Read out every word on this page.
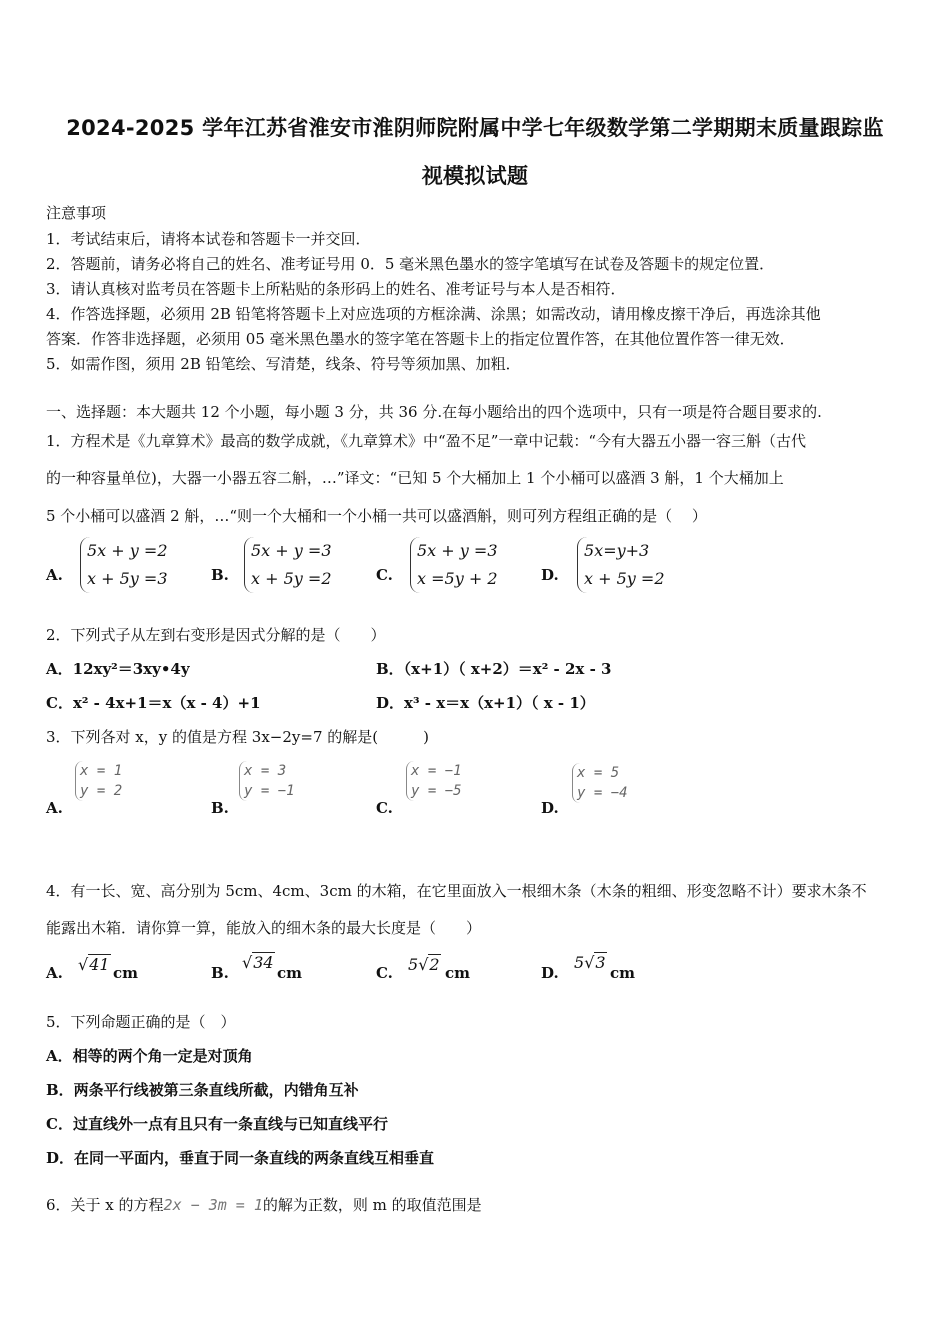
2024-2025 学年江苏省淮安市淮阴师院附属中学七年级数学第二学期期末质量跟踪监
视模拟试题
注意事项
1．考试结束后，请将本试卷和答题卡一并交回．
2．答题前，请务必将自己的姓名、准考证号用 0．5 毫米黑色墨水的签字笔填写在试卷及答题卡的规定位置．
3．请认真核对监考员在答题卡上所粘贴的条形码上的姓名、准考证号与本人是否相符．
4．作答选择题，必须用 2B 铅笔将答题卡上对应选项的方框涂满、涂黑；如需改动，请用橡皮擦干净后，再选涂其他
答案．作答非选择题，必须用 05 毫米黑色墨水的签字笔在答题卡上的指定位置作答，在其他位置作答一律无效．
5．如需作图，须用 2B 铅笔绘、写清楚，线条、符号等须加黑、加粗．
一、选择题：本大题共 12 个小题，每小题 3 分，共 36 分.在每小题给出的四个选项中，只有一项是符合题目要求的.
1．方程术是《九章算术》最高的数学成就，《九章算术》中“盈不足”一章中记载：“今有大器五小器一容三斛（古代
的一种容量单位)，大器一小器五容二斛，…”译文：“已知 5 个大桶加上 1 个小桶可以盛酒 3 斛，1 个大桶加上
5 个小桶可以盛酒 2 斛，…“则一个大桶和一个小桶一共可以盛酒斛，则可列方程组正确的是（　 ）
A.
5x + y =2
x + 5y =3	B.
5x + y =3
x + 5y =2	C.
5x + y =3
x =5y + 2	D.
5x=y+3
x + 5y =2
2．下列式子从左到右变形是因式分解的是（　　）
A．12xy²＝3xy•4y	B．（x+1）（ x+2）＝x² - 2x - 3
C．x² - 4x+1＝x（x - 4）+1	D．x³ - x＝x（x+1）（ x - 1）
3．下列各对 x，y 的值是方程 3x−2y=7 的解是(　　　)
A.
x = 1
y = 2
B.
x = 3
y = −1
C.
x = −1
y = −5
D.
x = 5
y = −4
4．有一长、宽、高分别为 5cm、4cm、3cm 的木箱，在它里面放入一根细木条（木条的粗细、形变忽略不计）要求木条不
能露出木箱．请你算一算，能放入的细木条的最大长度是（　　）
A. √41 cm	B.
√34
cm	C. 5√2 cm	D.
5√3
cm
5．下列命题正确的是（　）
A．相等的两个角一定是对顶角
B．两条平行线被第三条直线所截，内错角互补
C．过直线外一点有且只有一条直线与已知直线平行
D．在同一平面内，垂直于同一条直线的两条直线互相垂直
6．关于 x 的方程2x − 3m = 1的解为正数，则 m 的取值范围是
